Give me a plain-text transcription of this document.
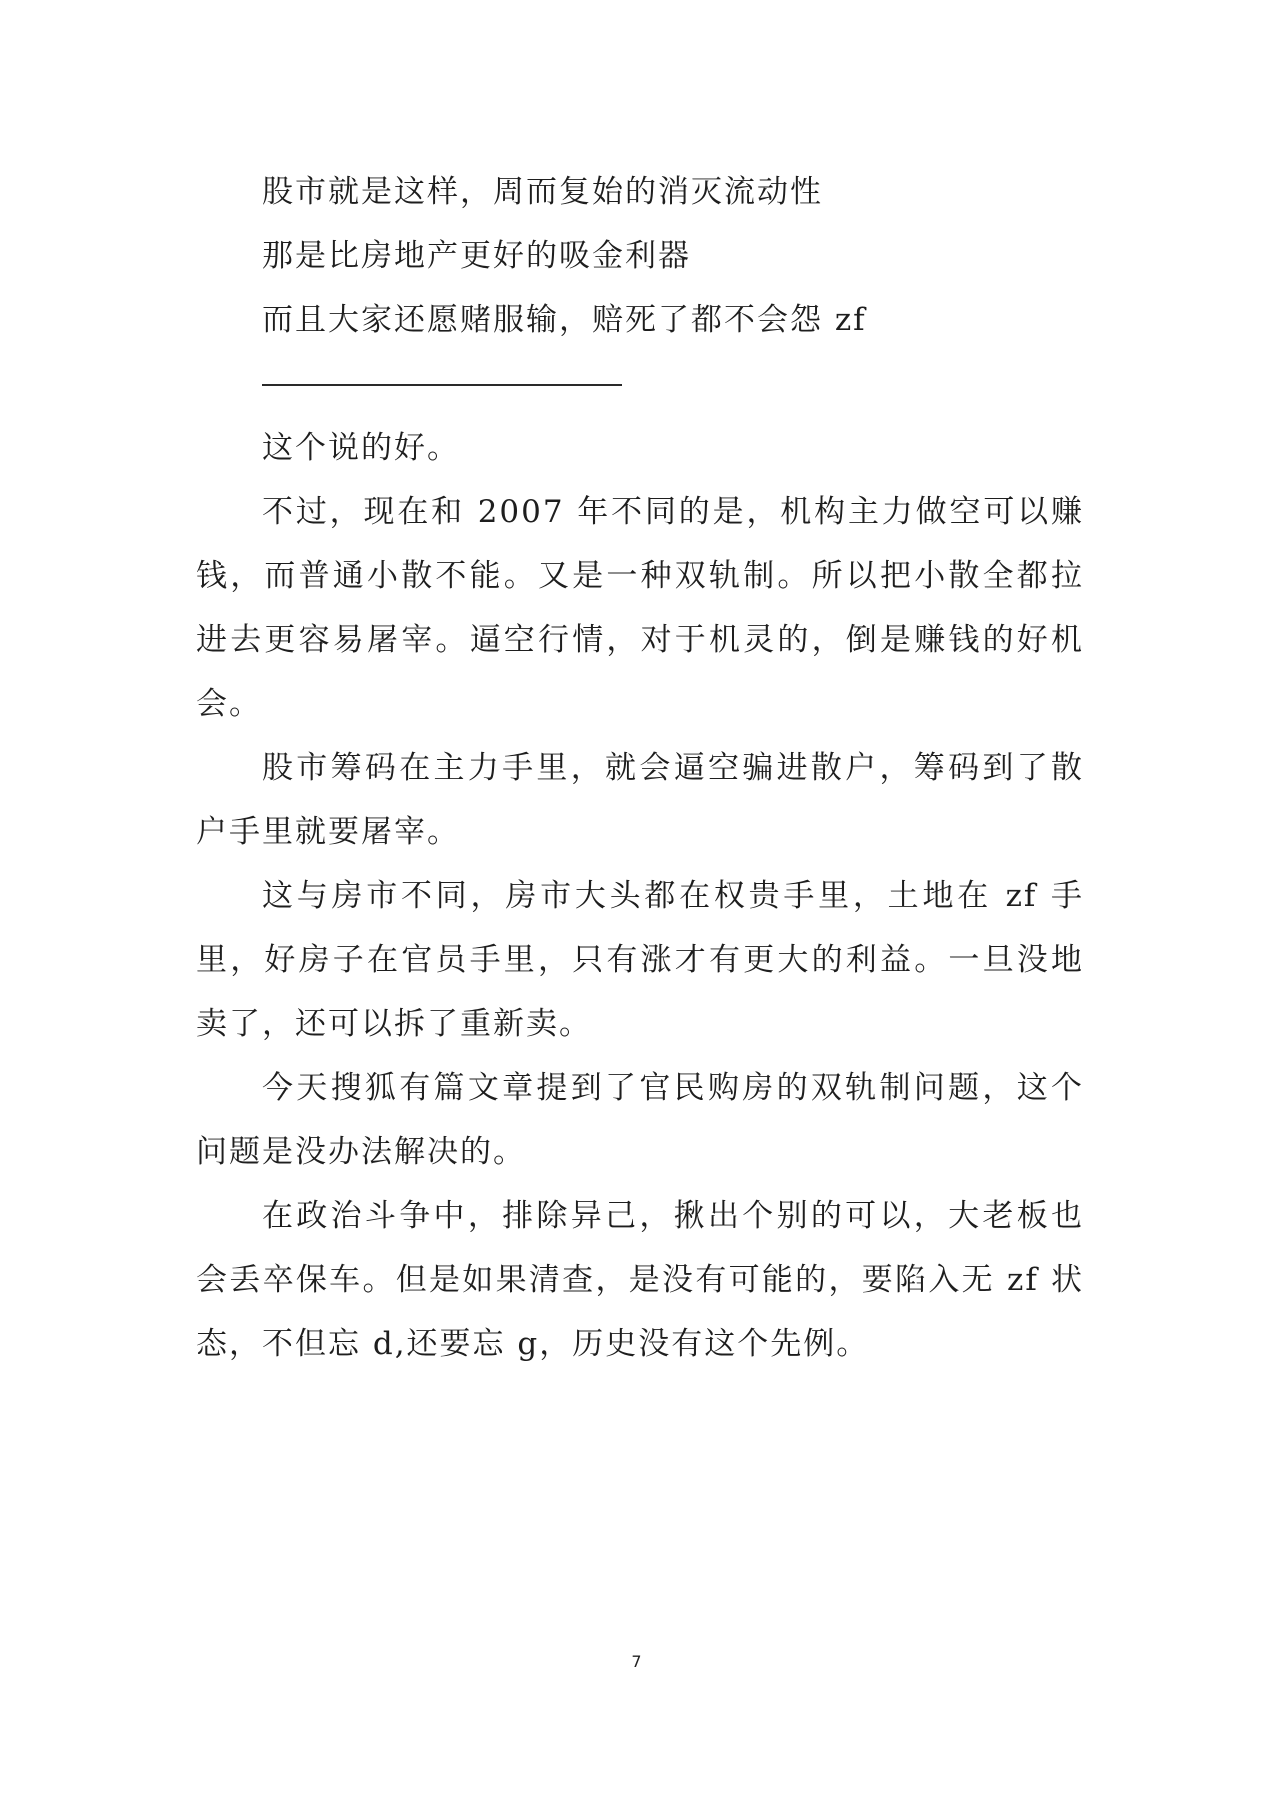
股市就是这样，周而复始的消灭流动性

那是比房地产更好的吸金利器

而且大家还愿赌服输，赔死了都不会怨 zf

这个说的好。

不过，现在和 2007 年不同的是，机构主力做空可以赚钱，而普通小散不能。又是一种双轨制。所以把小散全都拉进去更容易屠宰。逼空行情，对于机灵的，倒是赚钱的好机会。

股市筹码在主力手里，就会逼空骗进散户，筹码到了散户手里就要屠宰。

这与房市不同，房市大头都在权贵手里，土地在 zf 手里，好房子在官员手里，只有涨才有更大的利益。一旦没地卖了，还可以拆了重新卖。

今天搜狐有篇文章提到了官民购房的双轨制问题，这个问题是没办法解决的。

在政治斗争中，排除异己，揪出个别的可以，大老板也会丢卒保车。但是如果清查，是没有可能的，要陷入无 zf 状态，不但忘 d,还要忘 g，历史没有这个先例。

7
